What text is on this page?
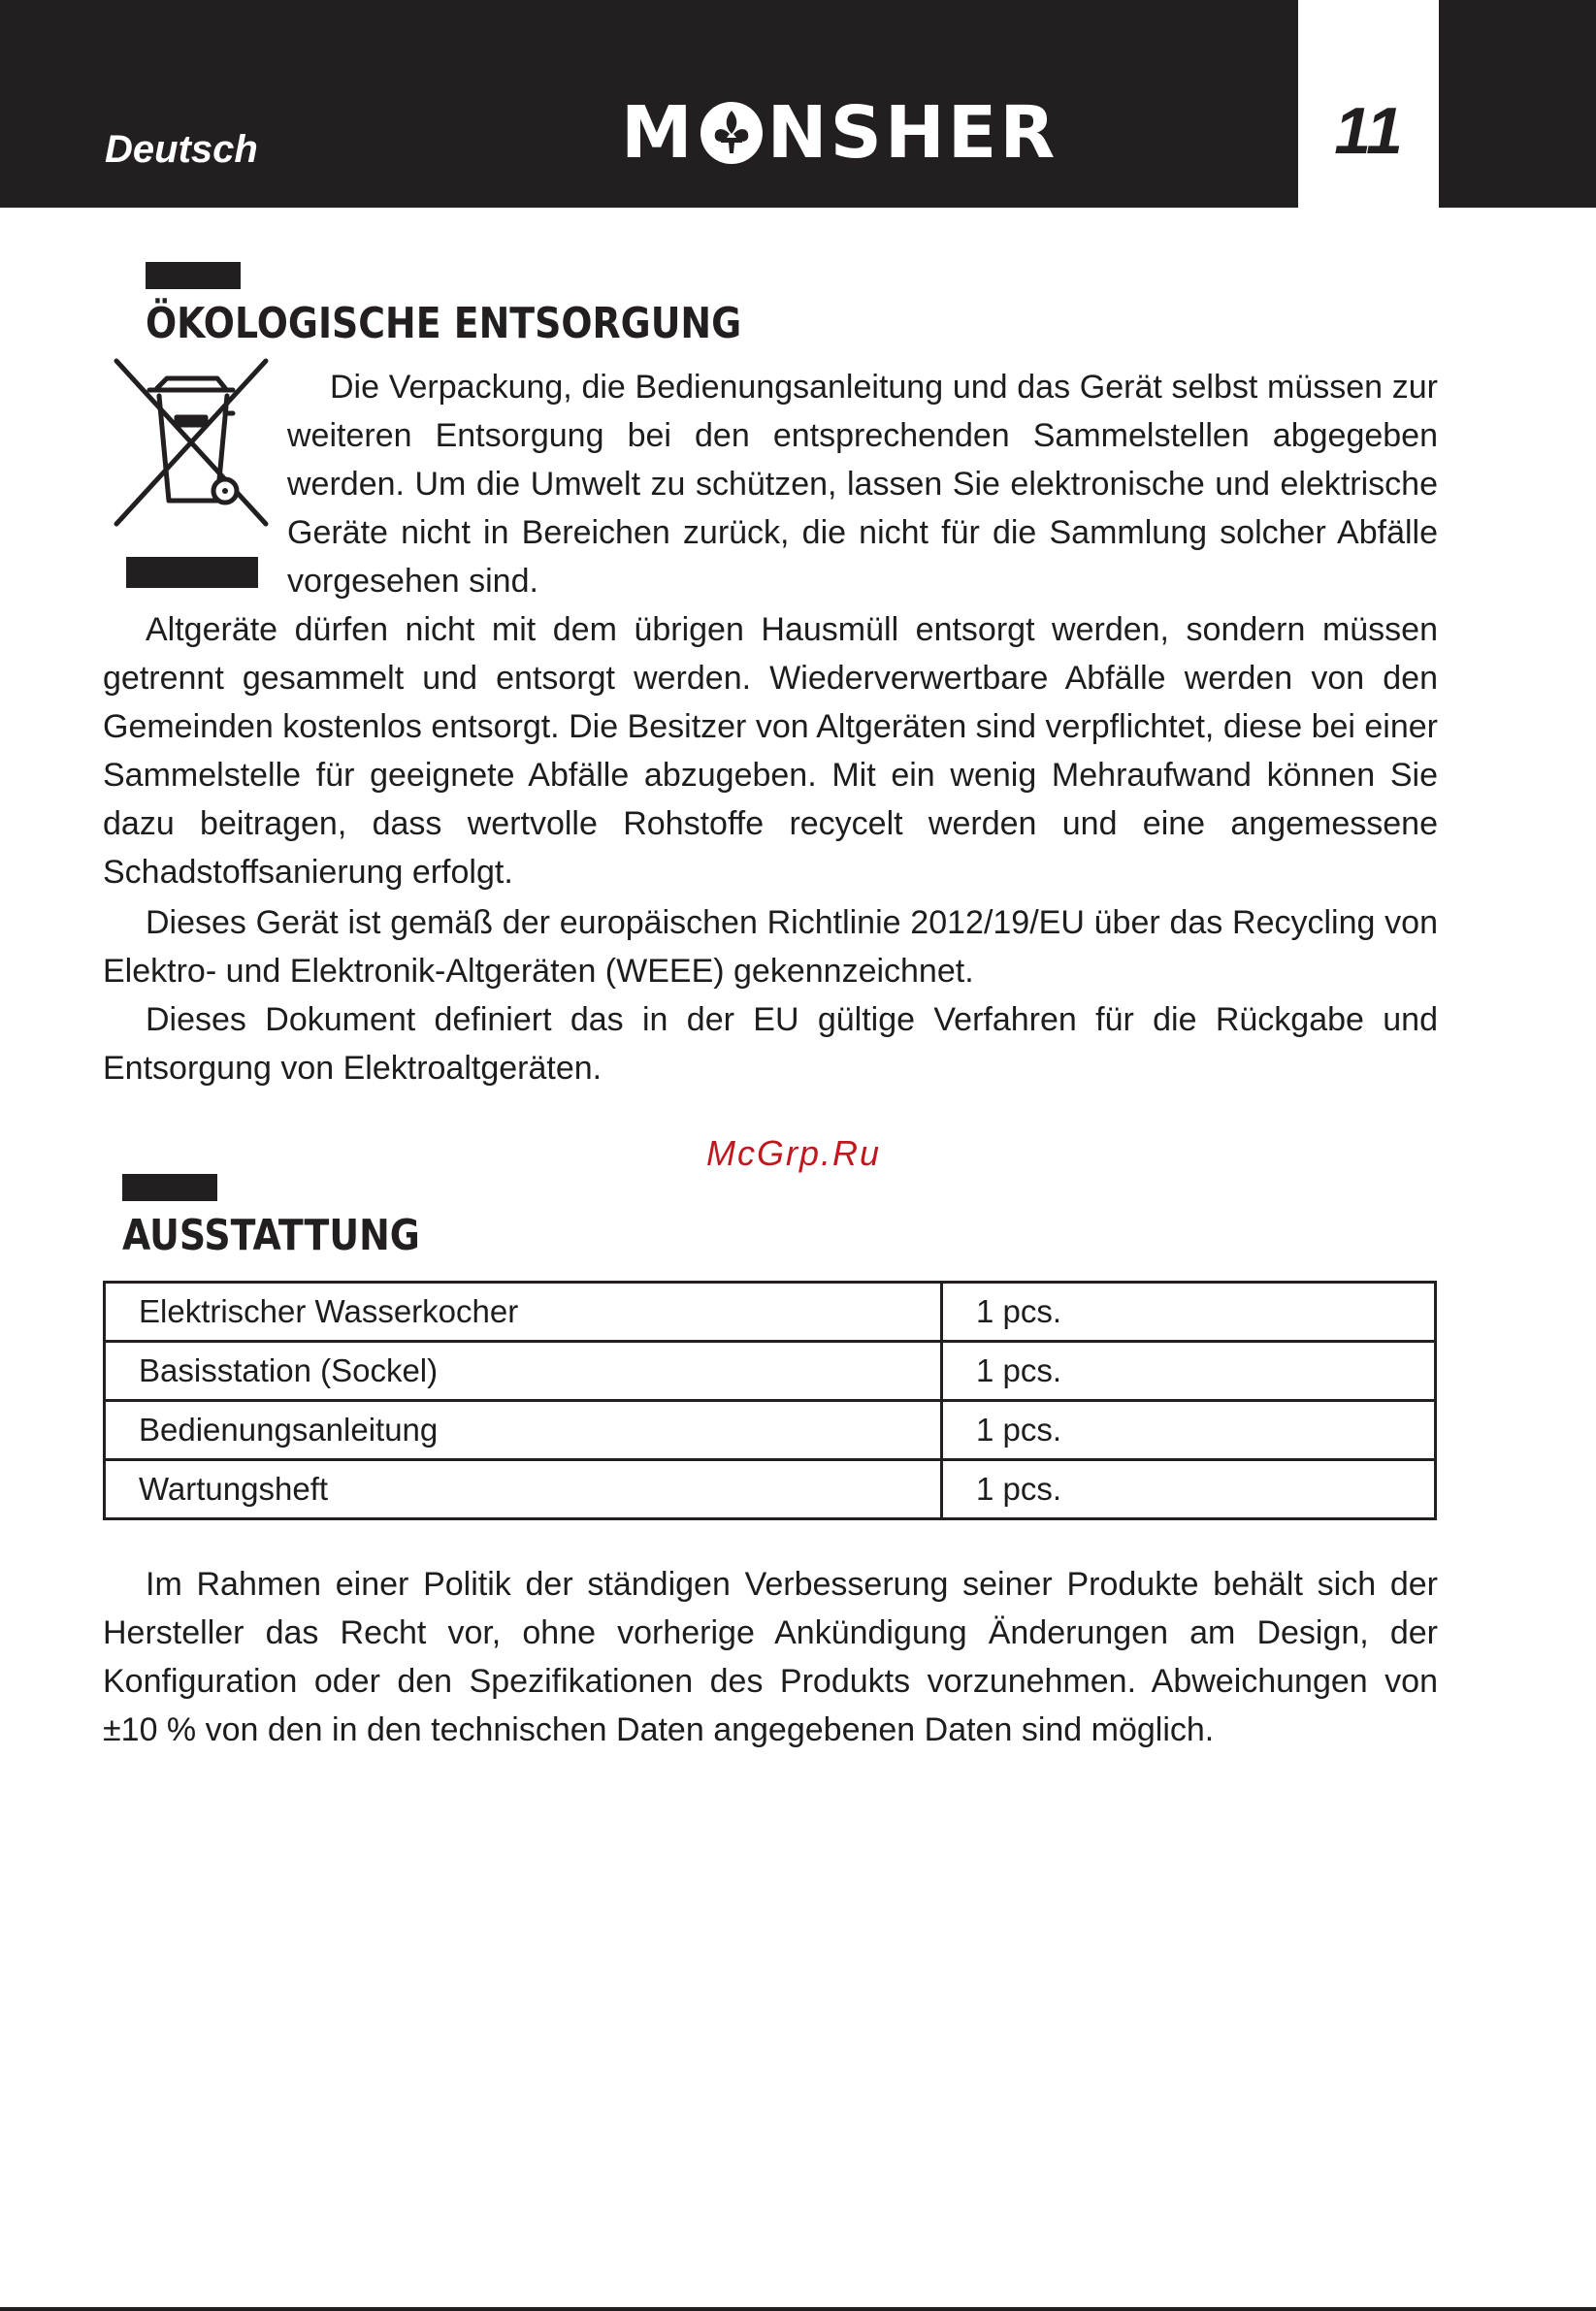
Deutsch	M NSHER	11
ÖKOLOGISCHE ENTSORGUNG

Die Verpackung, die Bedienungsanleitung und das Gerät selbst müssen zur weiteren Entsorgung bei den entsprechenden Sammelstellen abgegeben werden. Um die Umwelt zu schützen, lassen Sie elektronische und elektrische Geräte nicht in Bereichen zurück, die nicht für die Sammlung solcher Abfälle vorgesehen sind.

Altgeräte dürfen nicht mit dem übrigen Hausmüll entsorgt werden, sondern müssen getrennt gesammelt und entsorgt werden. Wiederverwertbare Abfälle werden von den Gemeinden kostenlos entsorgt. Die Besitzer von Altgeräten sind verpflichtet, diese bei einer Sammelstelle für geeignete Abfälle abzugeben. Mit ein wenig Mehraufwand können Sie dazu beitragen, dass wertvolle Rohstoffe recycelt werden und eine angemessene Schadstoffsanierung erfolgt.

Dieses Gerät ist gemäß der europäischen Richtlinie 2012/19/EU über das Recycling von Elektro- und Elektronik-Altgeräten (WEEE) gekennzeichnet.

Dieses Dokument definiert das in der EU gültige Verfahren für die Rückgabe und Entsorgung von Elektroaltgeräten.

McGrp.Ru
AUSSTATTUNG
Elektrischer Wasserkocher	1 pcs.
Basisstation (Sockel)	1 pcs.
Bedienungsanleitung	1 pcs.
Wartungsheft	1 pcs.

Im Rahmen einer Politik der ständigen Verbesserung seiner Produkte behält sich der Hersteller das Recht vor, ohne vorherige Ankündigung Änderungen am Design, der Konfiguration oder den Spezifikationen des Produkts vorzunehmen. Abweichungen von ±10 % von den in den technischen Daten angegebenen Daten sind möglich.
